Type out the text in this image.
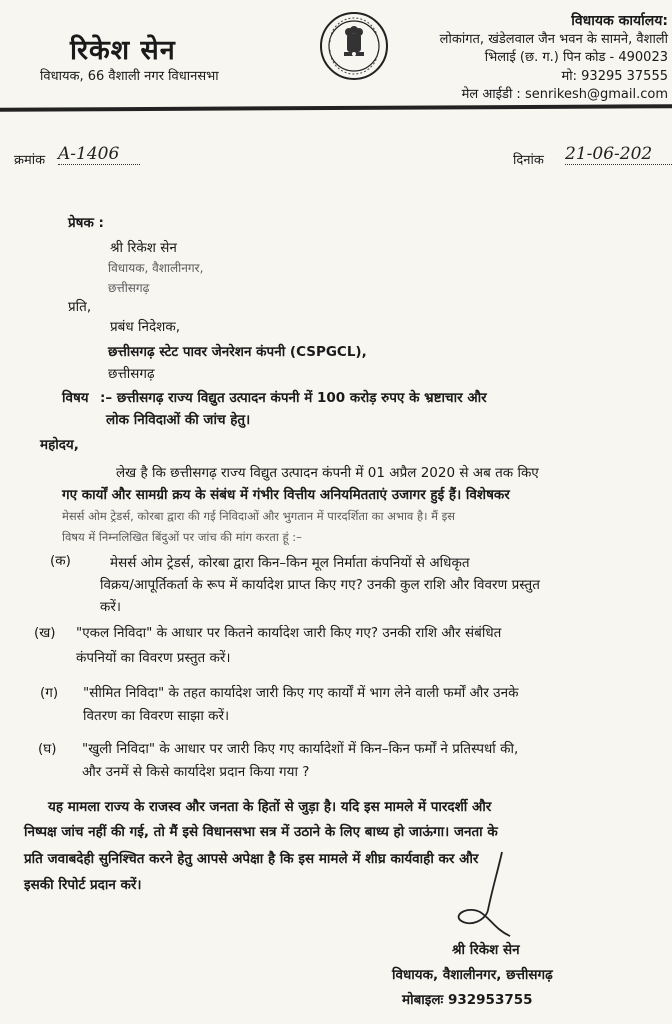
रिकेश सेन
विधायक, 66 वैशाली नगर विधानसभा
विधायक कार्यालय:
लोकांगत, खंडेलवाल जैन भवन के सामने, वैशाली
भिलाई (छ. ग.) पिन कोड - 490023
मो: 93295 37555
मेल आईडी : senrikesh@gmail.com
क्रमांक A-1406	दिनांक 21-06-202
प्रेषक :
श्री रिकेश सेन
विधायक, वैशालीनगर,
छत्तीसगढ़
प्रति,
प्रबंध निदेशक,
छत्तीसगढ़ स्टेट पावर जेनरेशन कंपनी (CSPGCL),
छत्तीसगढ़
विषय :– छत्तीसगढ़ राज्य विद्युत उत्पादन कंपनी में 100 करोड़ रुपए के भ्रष्टाचार और
लोक निविदाओं की जांच हेतु।
महोदय,
लेख है कि छत्तीसगढ़ राज्य विद्युत उत्पादन कंपनी में 01 अप्रैल 2020 से अब तक किए
गए कार्यों और सामग्री क्रय के संबंध में गंभीर वित्तीय अनियमितताएं उजागर हुई हैं। विशेषकर
मेसर्स ओम ट्रेडर्स, कोरबा द्वारा की गई निविदाओं और भुगतान में पारदर्शिता का अभाव है। मैं इस
विषय में निम्नलिखित बिंदुओं पर जांच की मांग करता हूं :–
(क)	मेसर्स ओम ट्रेडर्स, कोरबा द्वारा किन–किन मूल निर्माता कंपनियों से अधिकृत
विक्रय/आपूर्तिकर्ता के रूप में कार्यादेश प्राप्त किए गए? उनकी कुल राशि और विवरण प्रस्तुत
करें।
(ख) "एकल निविदा" के आधार पर कितने कार्यादेश जारी किए गए? उनकी राशि और संबंधित
कंपनियों का विवरण प्रस्तुत करें।
(ग) "सीमित निविदा" के तहत कार्यादेश जारी किए गए कार्यों में भाग लेने वाली फर्मों और उनके
वितरण का विवरण साझा करें।
(घ) "खुली निविदा" के आधार पर जारी किए गए कार्यादेशों में किन–किन फर्मों ने प्रतिस्पर्धा की,
और उनमें से किसे कार्यादेश प्रदान किया गया ?
यह मामला राज्य के राजस्व और जनता के हितों से जुड़ा है। यदि इस मामले में पारदर्शी और
निष्पक्ष जांच नहीं की गई, तो मैं इसे विधानसभा सत्र में उठाने के लिए बाध्य हो जाऊंगा। जनता के
प्रति जवाबदेही सुनिश्चित करने हेतु आपसे अपेक्षा है कि इस मामले में शीघ्र कार्यवाही कर और
इसकी रिपोर्ट प्रदान करें।
श्री रिकेश सेन
विधायक, वैशालीनगर, छत्तीसगढ़
मोबाइलः 932953755
